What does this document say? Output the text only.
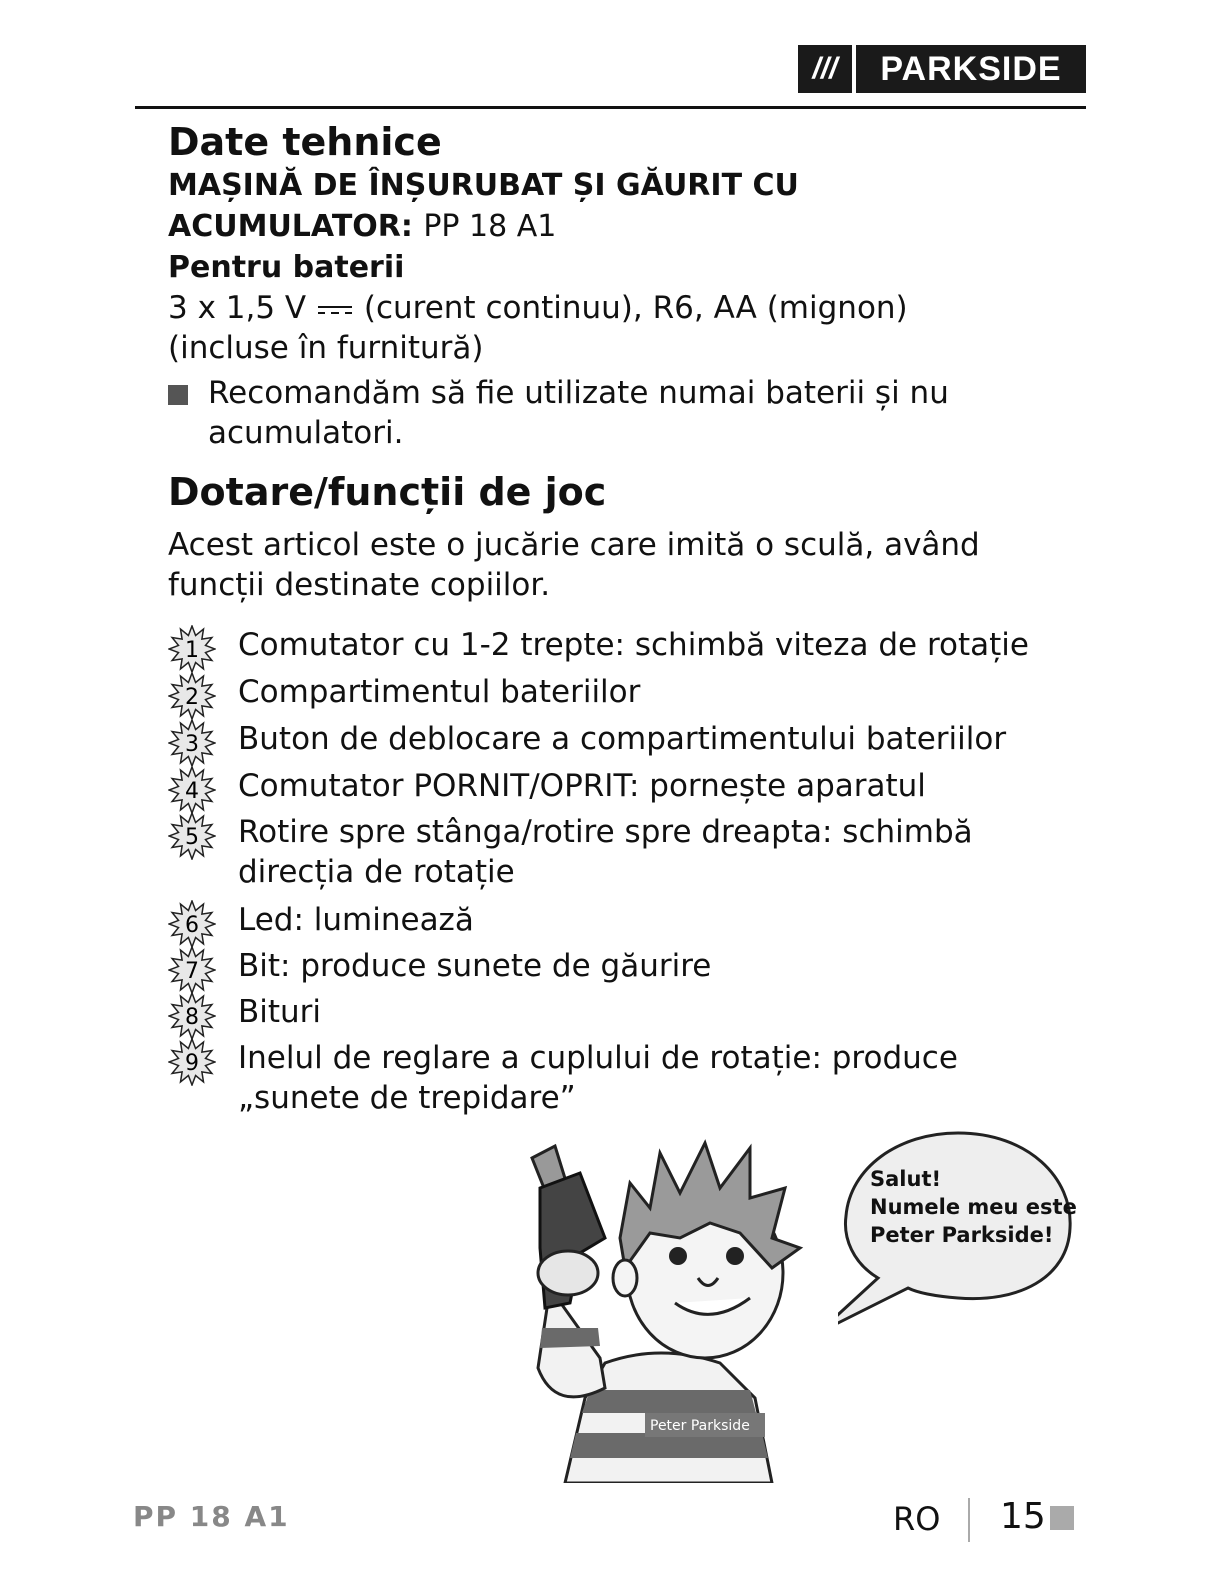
///	PARKSIDE
Date tehnice
MAȘINĂ DE ÎNȘURUBAT ȘI GĂURIT CU
ACUMULATOR: PP 18 A1
Pentru baterii
3 x 1,5 V (curent continuu), R6, AA (mignon)
(incluse în furnitură)
Recomandăm să fie utilizate numai baterii și nu
acumulatori.
Dotare/funcții de joc
Acest articol este o jucărie care imită o sculă, având
funcții destinate copiilor.
1 Comutator cu 1-2 trepte: schimbă viteza de rotație
2 Compartimentul bateriilor
3 Buton de deblocare a compartimentului bateriilor
4 Comutator PORNIT/OPRIT: pornește aparatul
5 Rotire spre stânga/rotire spre dreapta: schimbă
direcția de rotație
6 Led: luminează
7 Bit: produce sunete de găurire
8 Bituri
9 Inelul de reglare a cuplului de rotație: produce
„sunete de trepidare”
Peter Parkside
Salut!
Numele meu este
Peter Parkside!
PP 18 A1	RO 15
